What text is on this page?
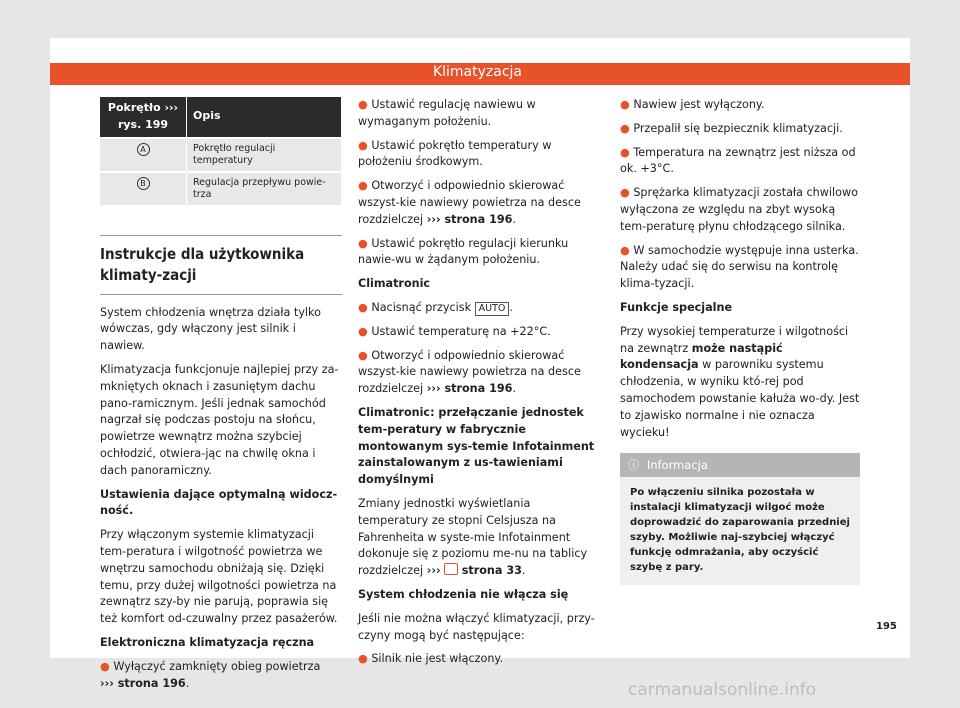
Klimatyzacja
Pokrętło ››› rys. 199	Opis
A	Pokrętło regulacji temperatury
B	Regulacja przepływu powie-trza
Instrukcje dla użytkownika klimaty-zacji

System chłodzenia wnętrza działa tylko wówczas, gdy włączony jest silnik i nawiew.

Klimatyzacja funkcjonuje najlepiej przy za-mkniętych oknach i zasuniętym dachu pano-ramicznym. Jeśli jednak samochód nagrzał się podczas postoju na słońcu, powietrze wewnątrz można szybciej ochłodzić, otwiera-jąc na chwilę okna i dach panoramiczny.

Ustawienia dające optymalną widocz-ność.

Przy włączonym systemie klimatyzacji tem-peratura i wilgotność powietrza we wnętrzu samochodu obniżają się. Dzięki temu, przy dużej wilgotności powietrza na zewnątrz szy-by nie parują, poprawia się też komfort od-czuwalny przez pasażerów.

Elektroniczna klimatyzacja ręczna

● Wyłączyć zamknięty obieg powietrza
››› strona 196.

● Ustawić regulację nawiewu w wymaganym położeniu.

● Ustawić pokrętło temperatury w położeniu środkowym.

● Otworzyć i odpowiednio skierować wszyst-kie nawiewy powietrza na desce rozdzielczej ››› strona 196.

● Ustawić pokrętło regulacji kierunku nawie-wu w żądanym położeniu.

Climatronic

● Nacisnąć przycisk AUTO .

● Ustawić temperaturę na +22°C.

● Otworzyć i odpowiednio skierować wszyst-kie nawiewy powietrza na desce rozdzielczej ››› strona 196.

Climatronic: przełączanie jednostek tem-peratury w fabrycznie montowanym sys-temie Infotainment zainstalowanym z us-tawieniami domyślnymi

Zmiany jednostki wyświetlania temperatury ze stopni Celsjusza na Fahrenheita w syste-mie Infotainment dokonuje się z poziomu me-nu na tablicy rozdzielczej ››› strona 33.

System chłodzenia nie włącza się

Jeśli nie można włączyć klimatyzacji, przy-czyny mogą być następujące:

● Silnik nie jest włączony.

● Nawiew jest wyłączony.

● Przepalił się bezpiecznik klimatyzacji.

● Temperatura na zewnątrz jest niższa od ok. +3°C.

● Sprężarka klimatyzacji została chwilowo wyłączona ze względu na zbyt wysoką tem-peraturę płynu chłodzącego silnika.

● W samochodzie występuje inna usterka. Należy udać się do serwisu na kontrolę klima-tyzacji.

Funkcje specjalne

Przy wysokiej temperaturze i wilgotności na zewnątrz może nastąpić kondensacja w parowniku systemu chłodzenia, w wyniku któ-rej pod samochodem powstanie kałuża wo-dy. Jest to zjawisko normalne i nie oznacza wycieku!

ⓘ Informacja
Po włączeniu silnika pozostała w instalacji klimatyzacji wilgoć może doprowadzić do zaparowania przedniej szyby. Możliwie naj-szybciej włączyć funkcję odmrażania, aby oczyścić szybę z pary.
195
carmanualsonline.info
